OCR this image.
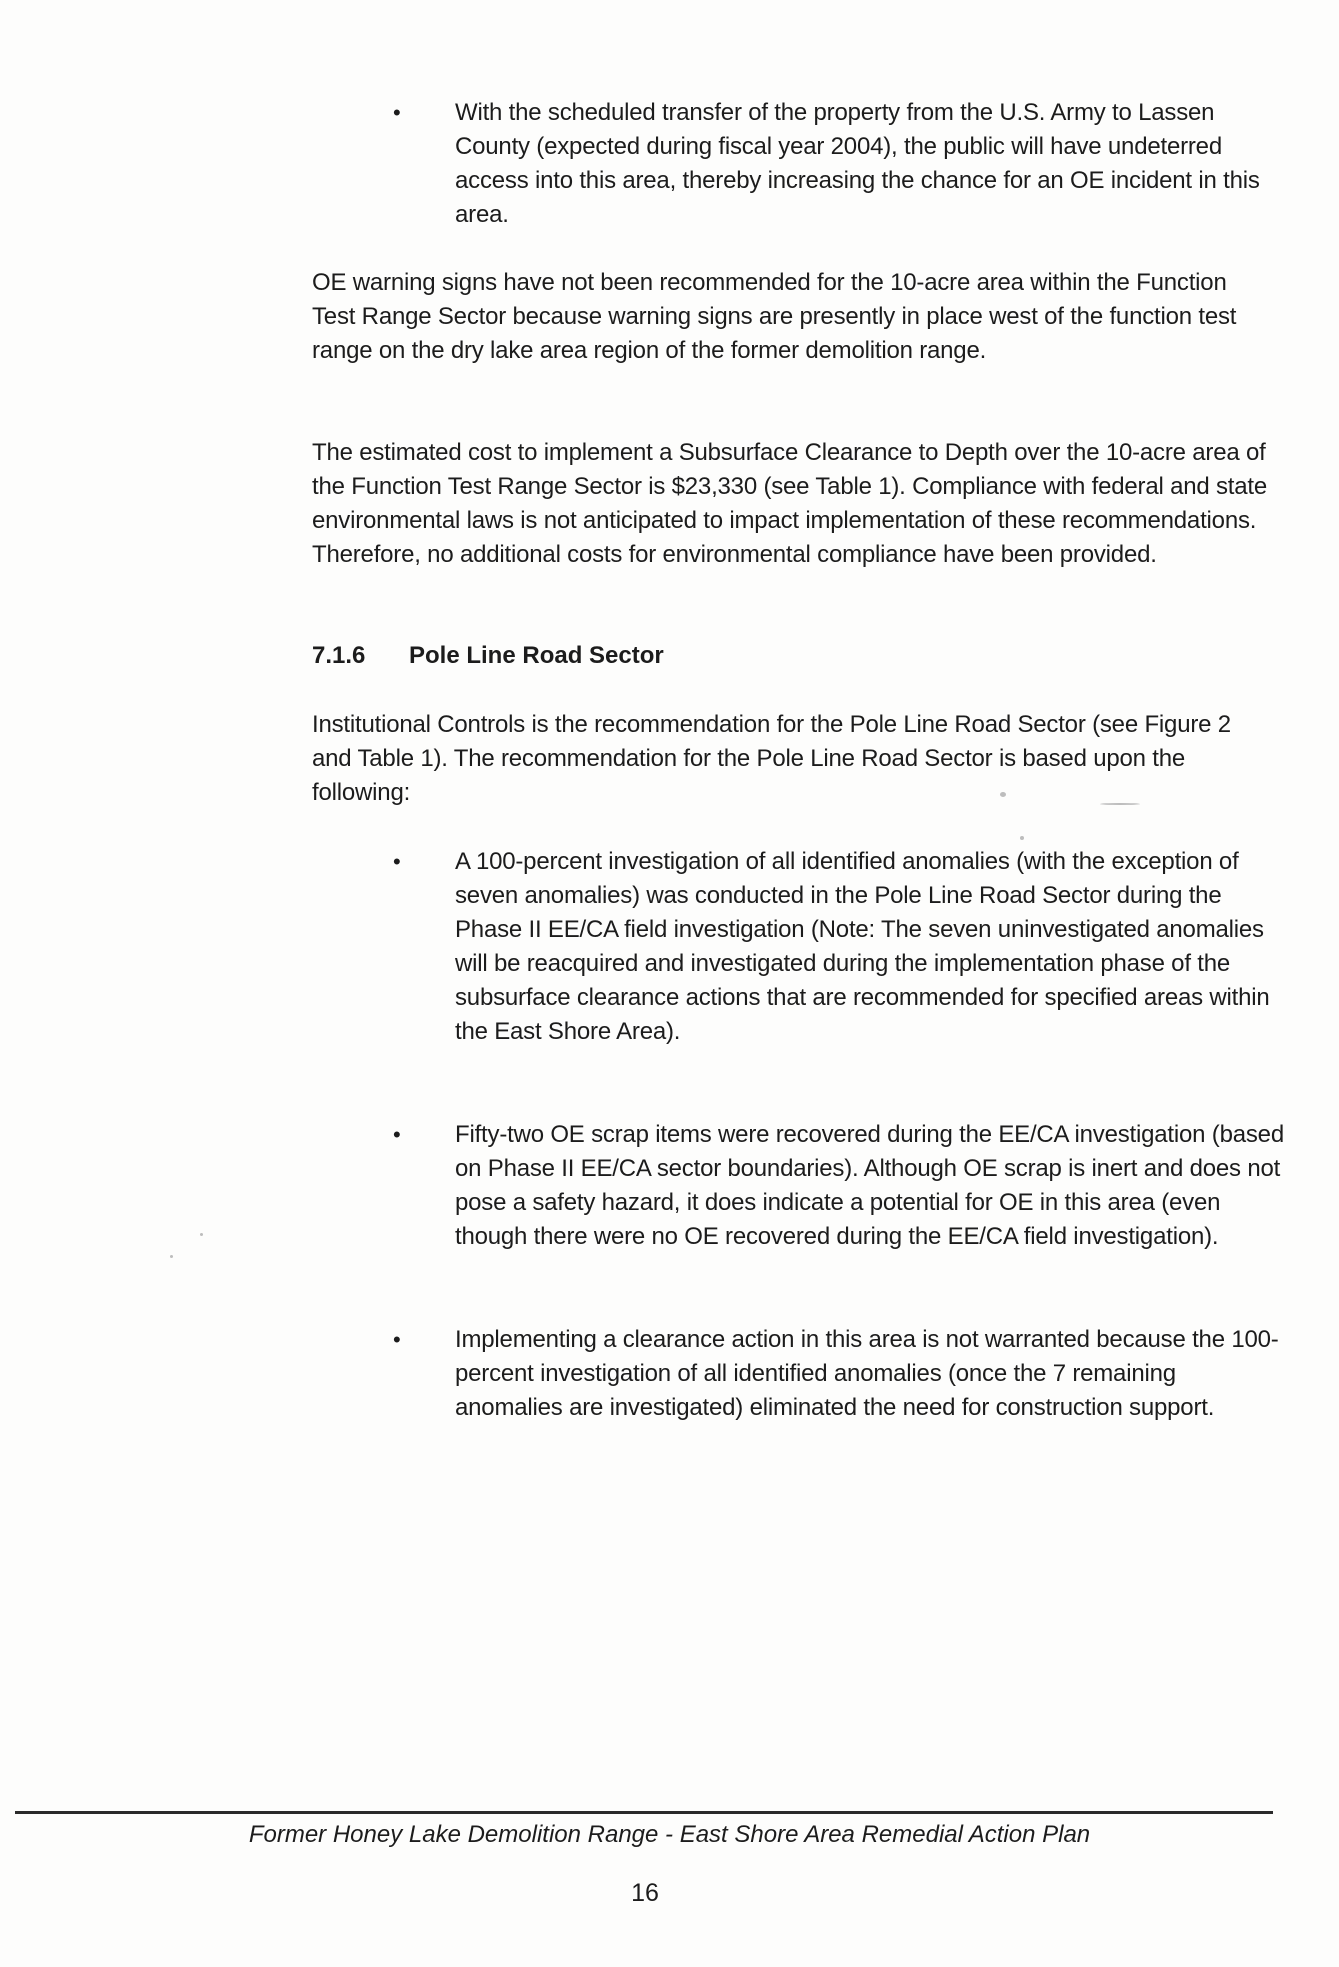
• With the scheduled transfer of the property from the U.S. Army to Lassen County (expected during fiscal year 2004), the public will have undeterred access into this area, thereby increasing the chance for an OE incident in this area.
OE warning signs have not been recommended for the 10-acre area within the Function Test Range Sector because warning signs are presently in place west of the function test range on the dry lake area region of the former demolition range.
The estimated cost to implement a Subsurface Clearance to Depth over the 10-acre area of the Function Test Range Sector is $23,330 (see Table 1). Compliance with federal and state environmental laws is not anticipated to impact implementation of these recommendations. Therefore, no additional costs for environmental compliance have been provided.
7.1.6 Pole Line Road Sector
Institutional Controls is the recommendation for the Pole Line Road Sector (see Figure 2 and Table 1). The recommendation for the Pole Line Road Sector is based upon the following:
• A 100-percent investigation of all identified anomalies (with the exception of seven anomalies) was conducted in the Pole Line Road Sector during the Phase II EE/CA field investigation (Note: The seven uninvestigated anomalies will be reacquired and investigated during the implementation phase of the subsurface clearance actions that are recommended for specified areas within the East Shore Area).
• Fifty-two OE scrap items were recovered during the EE/CA investigation (based on Phase II EE/CA sector boundaries). Although OE scrap is inert and does not pose a safety hazard, it does indicate a potential for OE in this area (even though there were no OE recovered during the EE/CA field investigation).
• Implementing a clearance action in this area is not warranted because the 100-percent investigation of all identified anomalies (once the 7 remaining anomalies are investigated) eliminated the need for construction support.
Former Honey Lake Demolition Range - East Shore Area Remedial Action Plan
16
